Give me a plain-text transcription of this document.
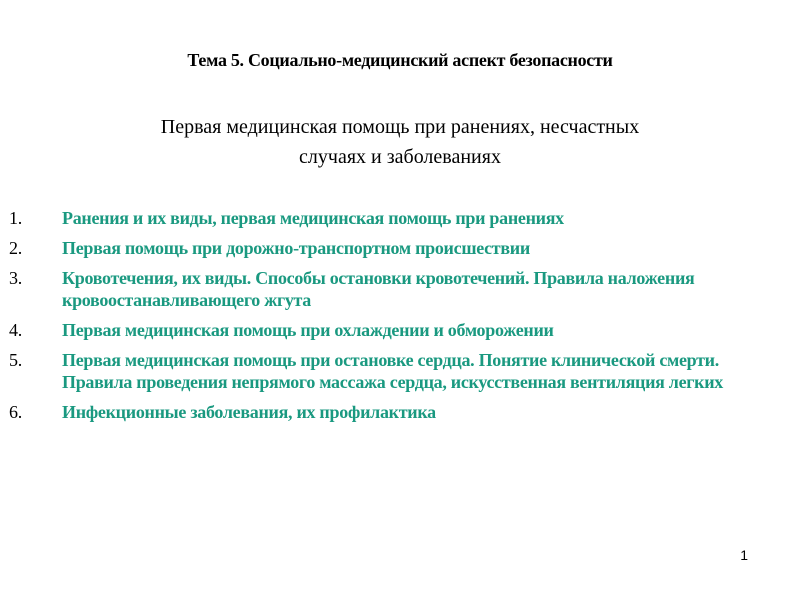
Тема 5. Социально-медицинский аспект безопасности
Первая медицинская помощь при ранениях, несчастных
случаях и заболеваниях
1. Ранения и их виды, первая медицинская помощь при ранениях
2. Первая помощь при дорожно-транспортном происшествии
3. Кровотечения, их виды. Способы остановки кровотечений. Правила наложения кровоостанавливающего жгута
4. Первая медицинская помощь при охлаждении и обморожении
5. Первая медицинская помощь при остановке сердца. Понятие клинической смерти. Правила проведения непрямого массажа сердца, искусственная вентиляция легких
6. Инфекционные заболевания, их профилактика
1
